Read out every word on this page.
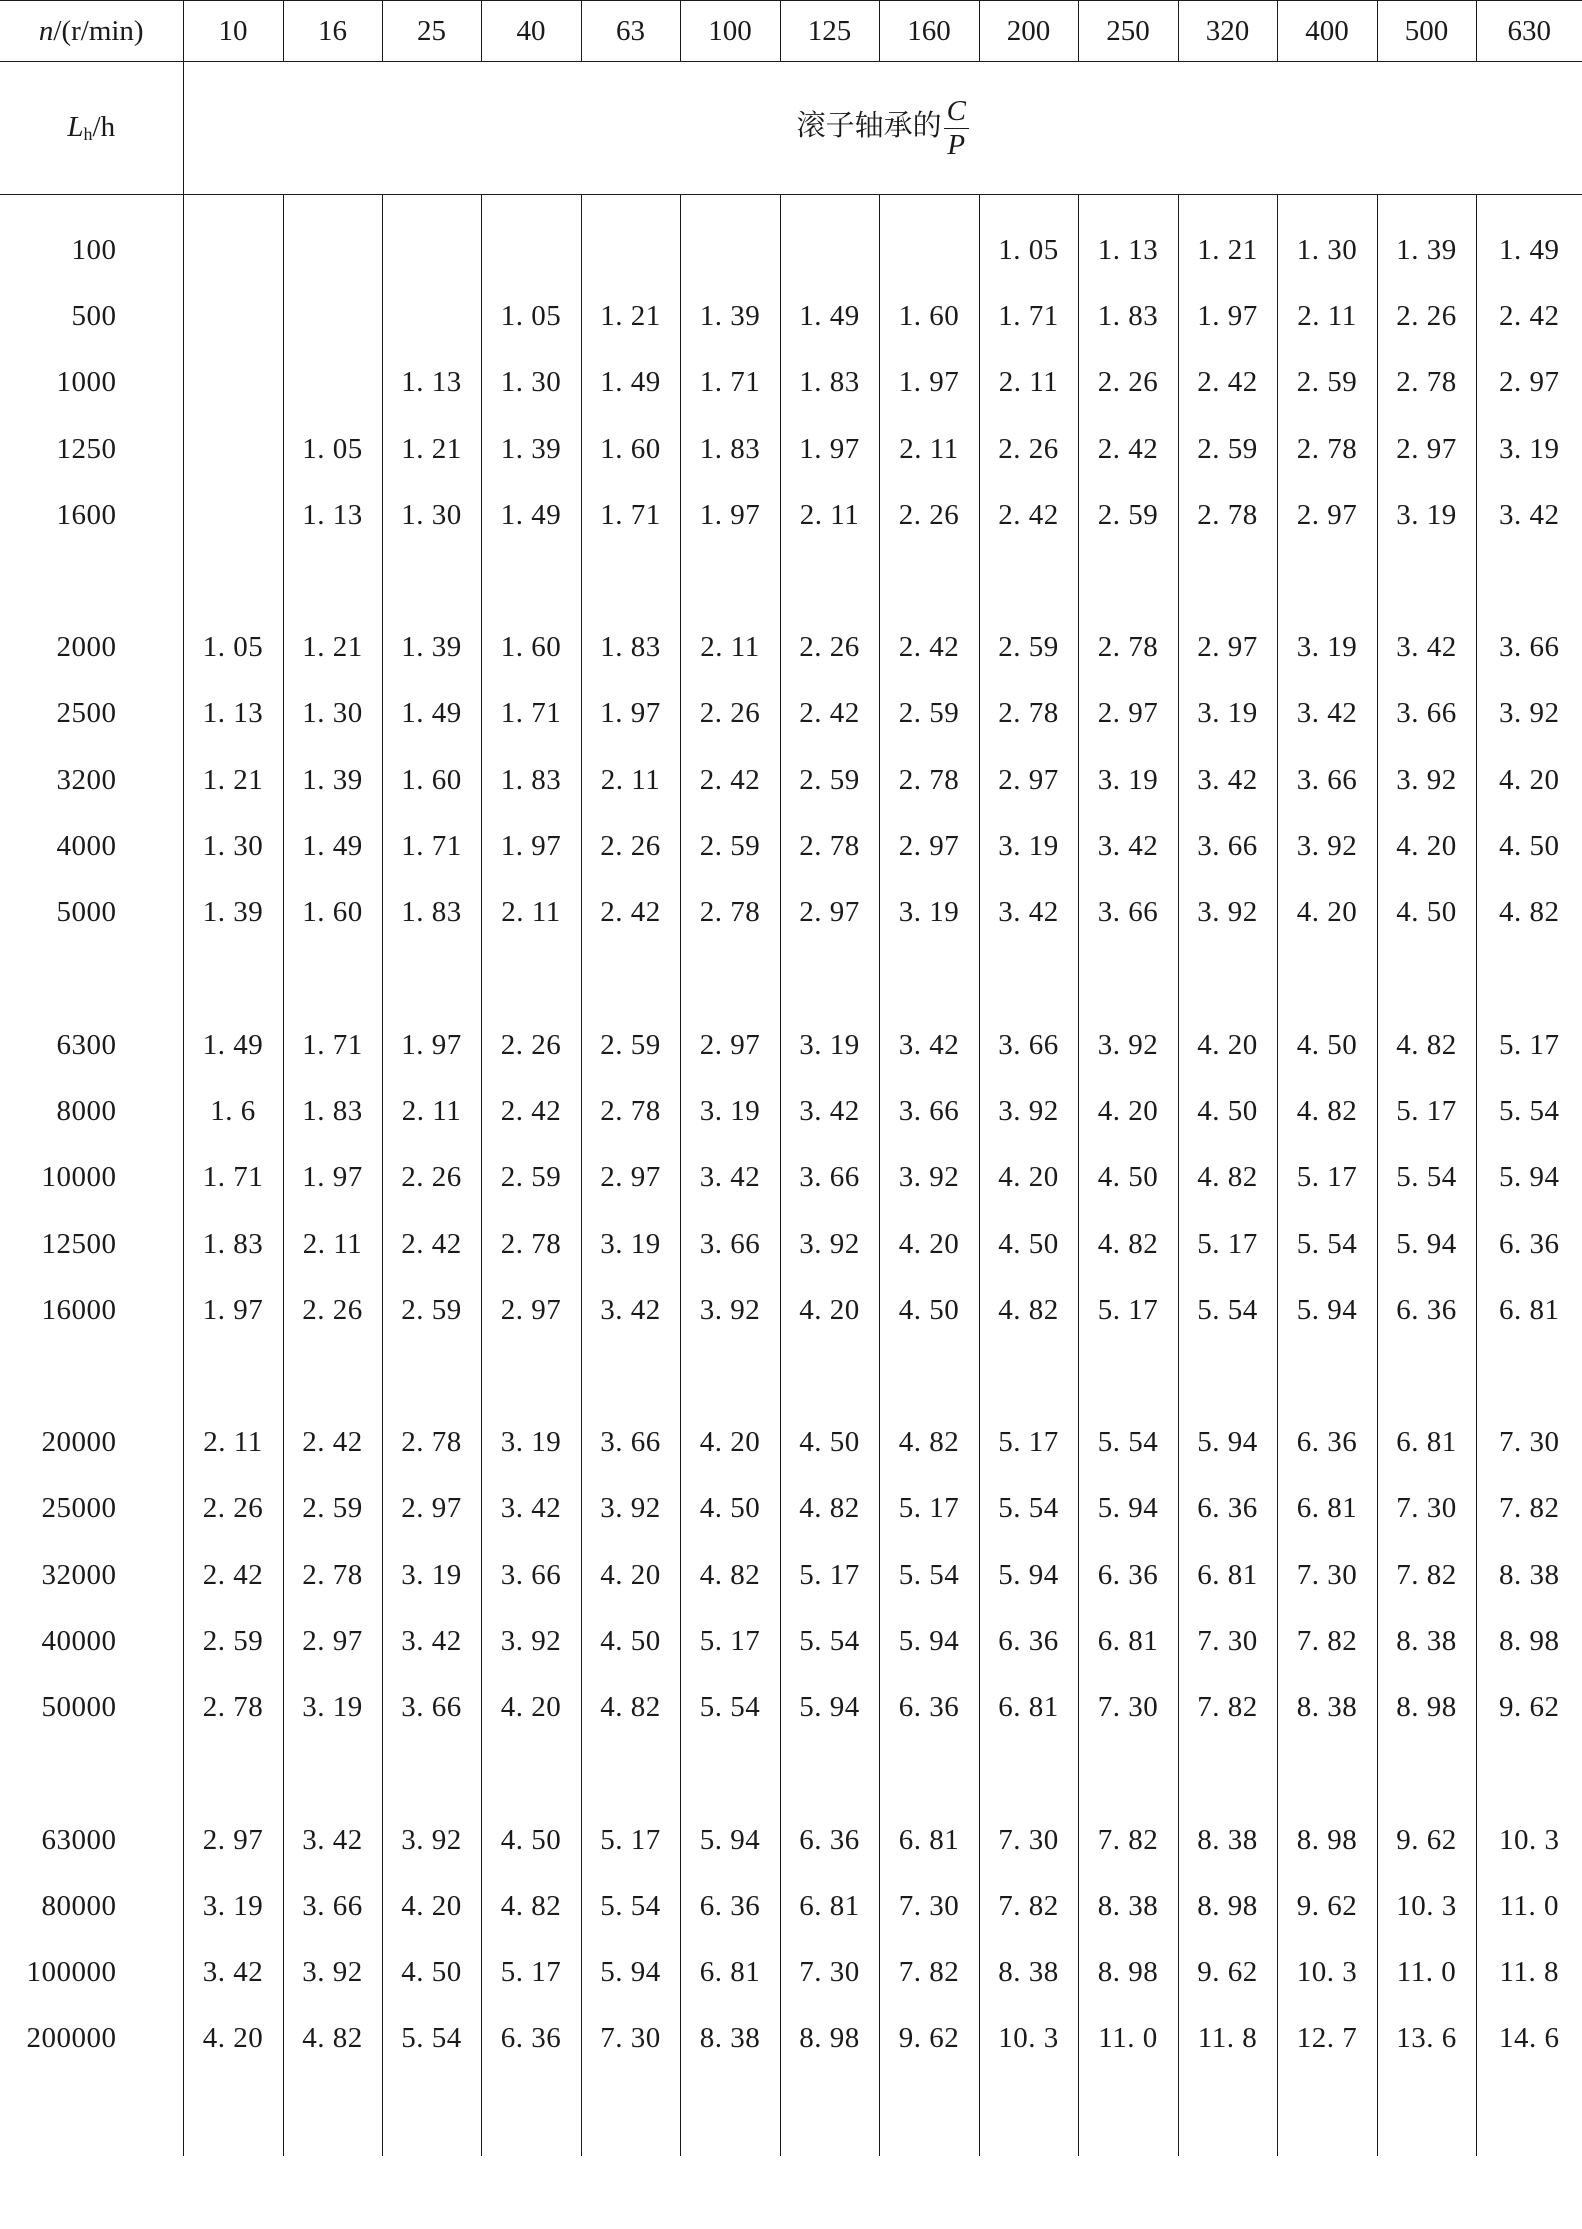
n/(r/min)	10	16	25	40	63	100	125	160	200	250	320	400	500	630
Lh/h	滚子轴承的 $\frac{C}{P}$

100									1. 05	1. 13	1. 21	1. 30	1. 39	1. 49
500				1. 05	1. 21	1. 39	1. 49	1. 60	1. 71	1. 83	1. 97	2. 11	2. 26	2. 42
1000			1. 13	1. 30	1. 49	1. 71	1. 83	1. 97	2. 11	2. 26	2. 42	2. 59	2. 78	2. 97
1250		1. 05	1. 21	1. 39	1. 60	1. 83	1. 97	2. 11	2. 26	2. 42	2. 59	2. 78	2. 97	3. 19
1600		1. 13	1. 30	1. 49	1. 71	1. 97	2. 11	2. 26	2. 42	2. 59	2. 78	2. 97	3. 19	3. 42

2000	1. 05	1. 21	1. 39	1. 60	1. 83	2. 11	2. 26	2. 42	2. 59	2. 78	2. 97	3. 19	3. 42	3. 66
2500	1. 13	1. 30	1. 49	1. 71	1. 97	2. 26	2. 42	2. 59	2. 78	2. 97	3. 19	3. 42	3. 66	3. 92
3200	1. 21	1. 39	1. 60	1. 83	2. 11	2. 42	2. 59	2. 78	2. 97	3. 19	3. 42	3. 66	3. 92	4. 20
4000	1. 30	1. 49	1. 71	1. 97	2. 26	2. 59	2. 78	2. 97	3. 19	3. 42	3. 66	3. 92	4. 20	4. 50
5000	1. 39	1. 60	1. 83	2. 11	2. 42	2. 78	2. 97	3. 19	3. 42	3. 66	3. 92	4. 20	4. 50	4. 82

6300	1. 49	1. 71	1. 97	2. 26	2. 59	2. 97	3. 19	3. 42	3. 66	3. 92	4. 20	4. 50	4. 82	5. 17
8000	1. 6	1. 83	2. 11	2. 42	2. 78	3. 19	3. 42	3. 66	3. 92	4. 20	4. 50	4. 82	5. 17	5. 54
10000	1. 71	1. 97	2. 26	2. 59	2. 97	3. 42	3. 66	3. 92	4. 20	4. 50	4. 82	5. 17	5. 54	5. 94
12500	1. 83	2. 11	2. 42	2. 78	3. 19	3. 66	3. 92	4. 20	4. 50	4. 82	5. 17	5. 54	5. 94	6. 36
16000	1. 97	2. 26	2. 59	2. 97	3. 42	3. 92	4. 20	4. 50	4. 82	5. 17	5. 54	5. 94	6. 36	6. 81

20000	2. 11	2. 42	2. 78	3. 19	3. 66	4. 20	4. 50	4. 82	5. 17	5. 54	5. 94	6. 36	6. 81	7. 30
25000	2. 26	2. 59	2. 97	3. 42	3. 92	4. 50	4. 82	5. 17	5. 54	5. 94	6. 36	6. 81	7. 30	7. 82
32000	2. 42	2. 78	3. 19	3. 66	4. 20	4. 82	5. 17	5. 54	5. 94	6. 36	6. 81	7. 30	7. 82	8. 38
40000	2. 59	2. 97	3. 42	3. 92	4. 50	5. 17	5. 54	5. 94	6. 36	6. 81	7. 30	7. 82	8. 38	8. 98
50000	2. 78	3. 19	3. 66	4. 20	4. 82	5. 54	5. 94	6. 36	6. 81	7. 30	7. 82	8. 38	8. 98	9. 62

63000	2. 97	3. 42	3. 92	4. 50	5. 17	5. 94	6. 36	6. 81	7. 30	7. 82	8. 38	8. 98	9. 62	10. 3
80000	3. 19	3. 66	4. 20	4. 82	5. 54	6. 36	6. 81	7. 30	7. 82	8. 38	8. 98	9. 62	10. 3	11. 0
100000	3. 42	3. 92	4. 50	5. 17	5. 94	6. 81	7. 30	7. 82	8. 38	8. 98	9. 62	10. 3	11. 0	11. 8
200000	4. 20	4. 82	5. 54	6. 36	7. 30	8. 38	8. 98	9. 62	10. 3	11. 0	11. 8	12. 7	13. 6	14. 6
